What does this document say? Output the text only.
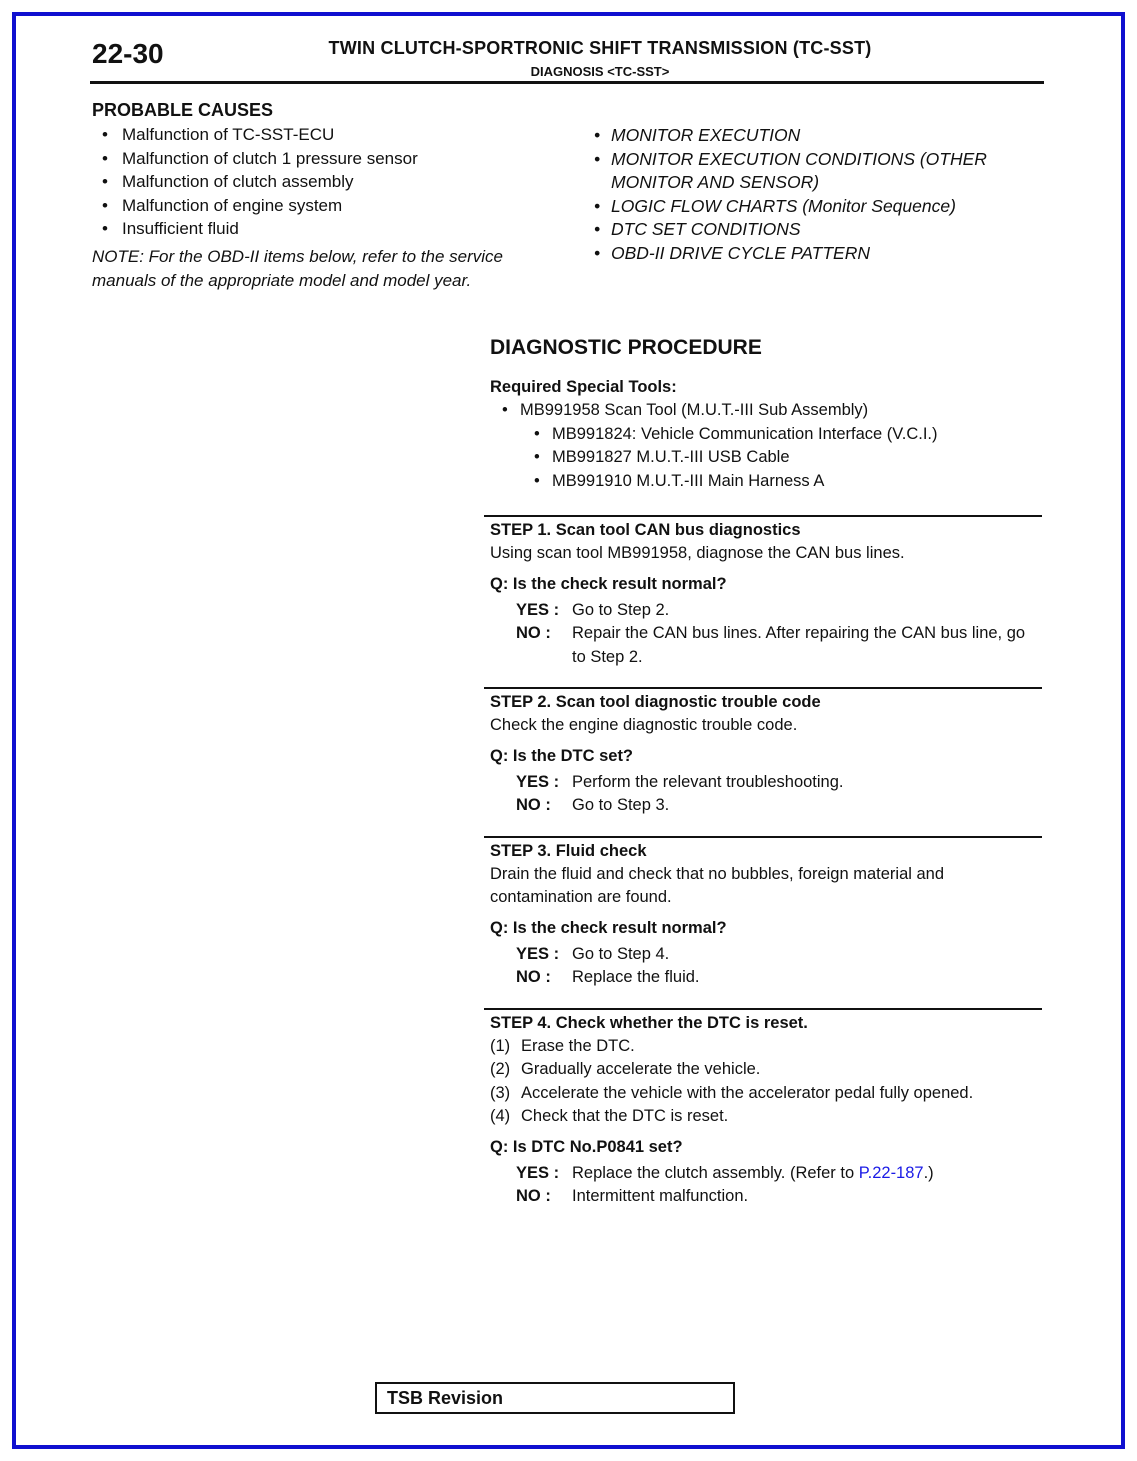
22-30	TWIN CLUTCH-SPORTRONIC SHIFT TRANSMISSION (TC-SST)
DIAGNOSIS <TC-SST>
PROBABLE CAUSES
• Malfunction of TC-SST-ECU
• Malfunction of clutch 1 pressure sensor
• Malfunction of clutch assembly
• Malfunction of engine system
• Insufficient fluid
NOTE: For the OBD-II items below, refer to the service manuals of the appropriate model and model year.
• MONITOR EXECUTION
• MONITOR EXECUTION CONDITIONS (OTHER MONITOR AND SENSOR)
• LOGIC FLOW CHARTS (Monitor Sequence)
• DTC SET CONDITIONS
• OBD-II DRIVE CYCLE PATTERN
DIAGNOSTIC PROCEDURE
Required Special Tools:
• MB991958 Scan Tool (M.U.T.-III Sub Assembly)
• MB991824: Vehicle Communication Interface (V.C.I.)
• MB991827 M.U.T.-III USB Cable
• MB991910 M.U.T.-III Main Harness A
STEP 1. Scan tool CAN bus diagnostics
Using scan tool MB991958, diagnose the CAN bus lines.
Q: Is the check result normal?
YES : Go to Step 2.
NO :	Repair the CAN bus lines. After repairing the CAN bus line, go to Step 2.
STEP 2. Scan tool diagnostic trouble code
Check the engine diagnostic trouble code.
Q: Is the DTC set?
YES : Perform the relevant troubleshooting.
NO :	Go to Step 3.
STEP 3. Fluid check
Drain the fluid and check that no bubbles, foreign material and contamination are found.
Q: Is the check result normal?
YES : Go to Step 4.
NO :	Replace the fluid.
STEP 4. Check whether the DTC is reset.
(1) Erase the DTC.
(2) Gradually accelerate the vehicle.
(3) Accelerate the vehicle with the accelerator pedal fully opened.
(4) Check that the DTC is reset.
Q: Is DTC No.P0841 set?
YES : Replace the clutch assembly. (Refer to P.22-187.)
NO :	Intermittent malfunction.
TSB Revision
